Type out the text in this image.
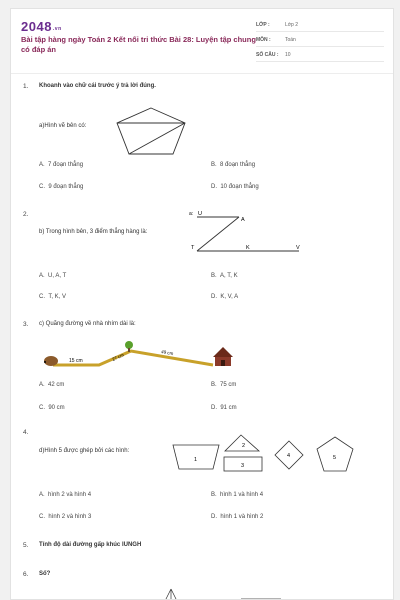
2048.vn
Bài tập hàng ngày Toán 2 Kết nối tri thức Bài 28: Luyện tập chung có đáp án
LỚP :	Lớp 2
MÔN :	Toán
SỐ CÂU : 10
1. Khoanh vào chữ cái trước ý trả lời đúng.
a)Hình vẽ bên có:
A. 7 đoạn thẳng	B. 8 đoạn thẳng
C. 9 đoạn thẳng	D. 10 đoạn thẳng
2.
b) Trong hình bên, 3 điểm thẳng hàng là:
a: U
A
T	K	V
A. U, A, T	B. A, T, K
C. T, K, V	D. K, V, A
3. c) Quãng đường về nhà nhím dài là:
15 cm	27 cm	49 cm
A. 42 cm	B. 75 cm
C. 90 cm	D. 91 cm
4.
d)Hình 5 được ghép bởi các hình:
1
2
3
4	5
A. hình 2 và hình 4	B. hình 1 và hình 4
C. hình 2 và hình 3	D. hình 1 và hình 2
5. Tính độ dài đường gấp khúc IUNGH
6. Số?
